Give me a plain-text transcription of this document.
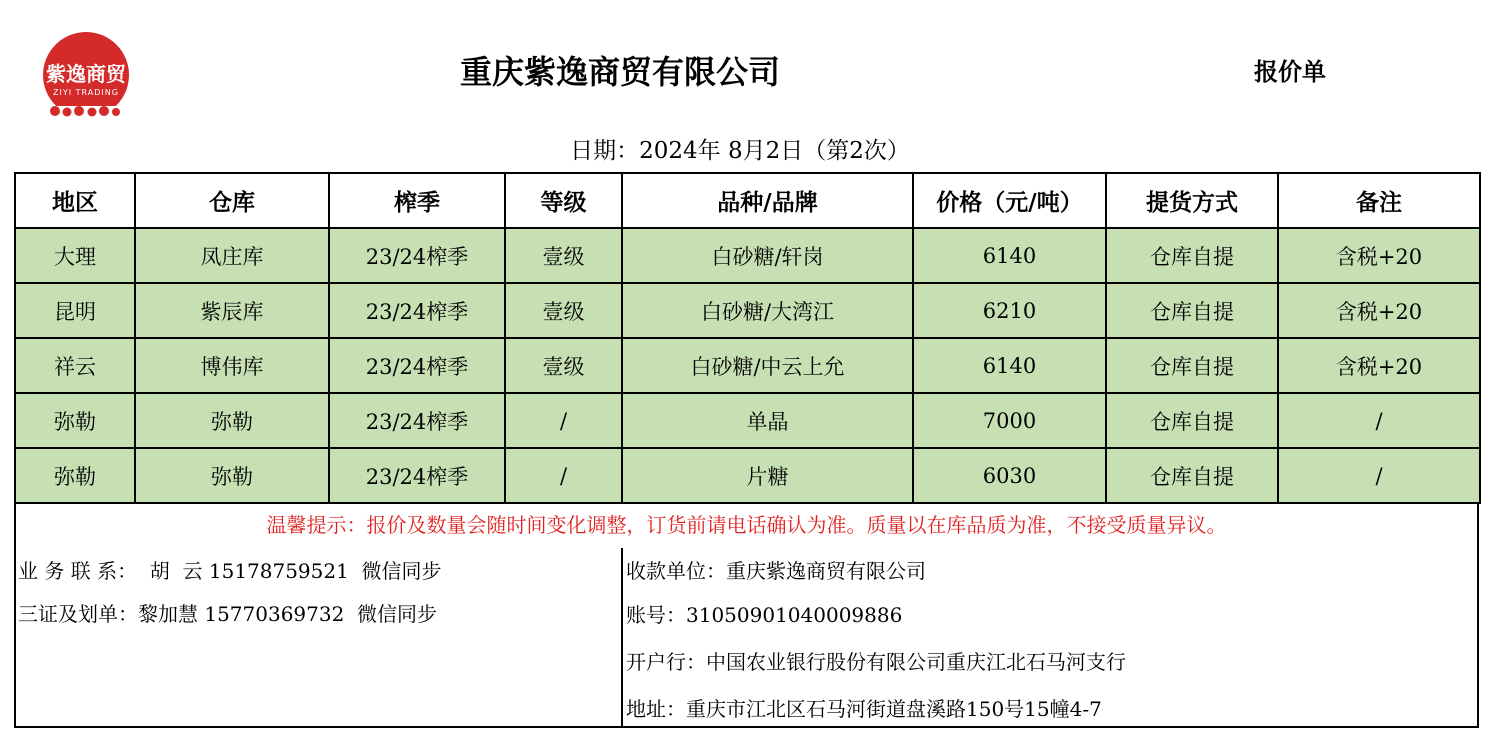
紫逸商贸
ZIYI TRADING
重庆紫逸商贸有限公司	报价单
日期：2024年 8月2日（第2次）
地区	仓库	榨季	等级	品种/品牌	价格（元/吨）	提货方式	备注
大理	凤庄库	23/24榨季	壹级	白砂糖/轩岗	6140	仓库自提	含税+20
昆明	紫辰库	23/24榨季	壹级	白砂糖/大湾江	6210	仓库自提	含税+20
祥云	博伟库	23/24榨季	壹级	白砂糖/中云上允	6140	仓库自提	含税+20
弥勒	弥勒	23/24榨季	/	单晶	7000	仓库自提	/
弥勒	弥勒	23/24榨季	/	片糖	6030	仓库自提	/
温馨提示：报价及数量会随时间变化调整，订货前请电话确认为准。质量以在库品质为准，不接受质量异议。
业 务 联 系：  胡  云 15178759521  微信同步
三证及划单：黎加慧 15770369732  微信同步
收款单位：重庆紫逸商贸有限公司
账号：31050901040009886
开户行：中国农业银行股份有限公司重庆江北石马河支行
地址：重庆市江北区石马河街道盘溪路150号15幢4-7
